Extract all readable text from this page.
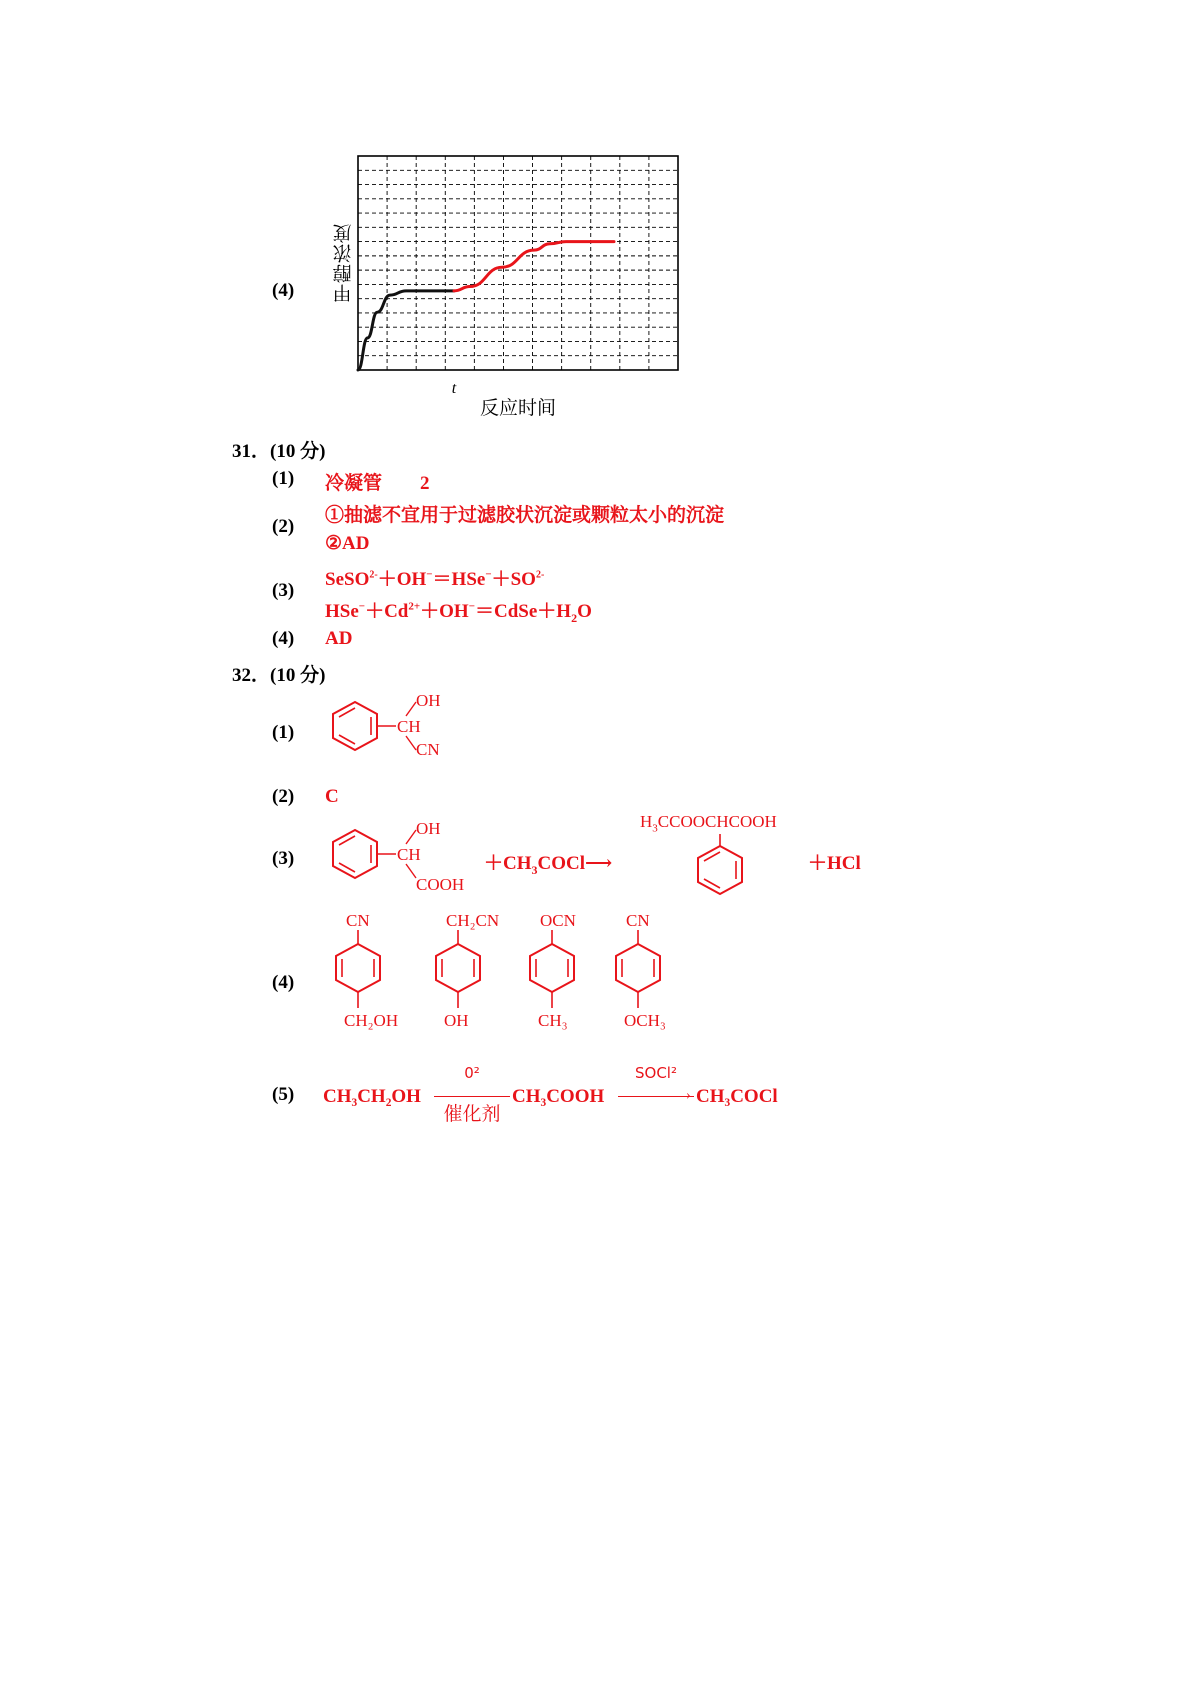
(4) 甲醇浓度
t
反应时间
31．(10 分)
(1) 冷凝管        2
(2)
①抽滤不宜用于过滤胶状沉淀或颗粒太小的沉淀
②AD
(3)
$SeSO^{2-}+OH^-=HSe^-+SO^{2-}$
$HSe^-+Cd^{2+}+OH^-=CdSe+H_2O$
(4) AD
32．(10 分)
(1)	CH
OH
CN
(2) C
(3)	CH
OH
COOH
$+CH_3COCl⟶$
$H_3CCOOCHCOOH$
＋HCl
(4)
CN
CH₂OH
CH₂CN
OH
OCN
CH₃
CN
OCH₃
(5) CH₃CH₂OH
0²
催化剂
CH₃COOH
SOCl²
› CH₃COCl
